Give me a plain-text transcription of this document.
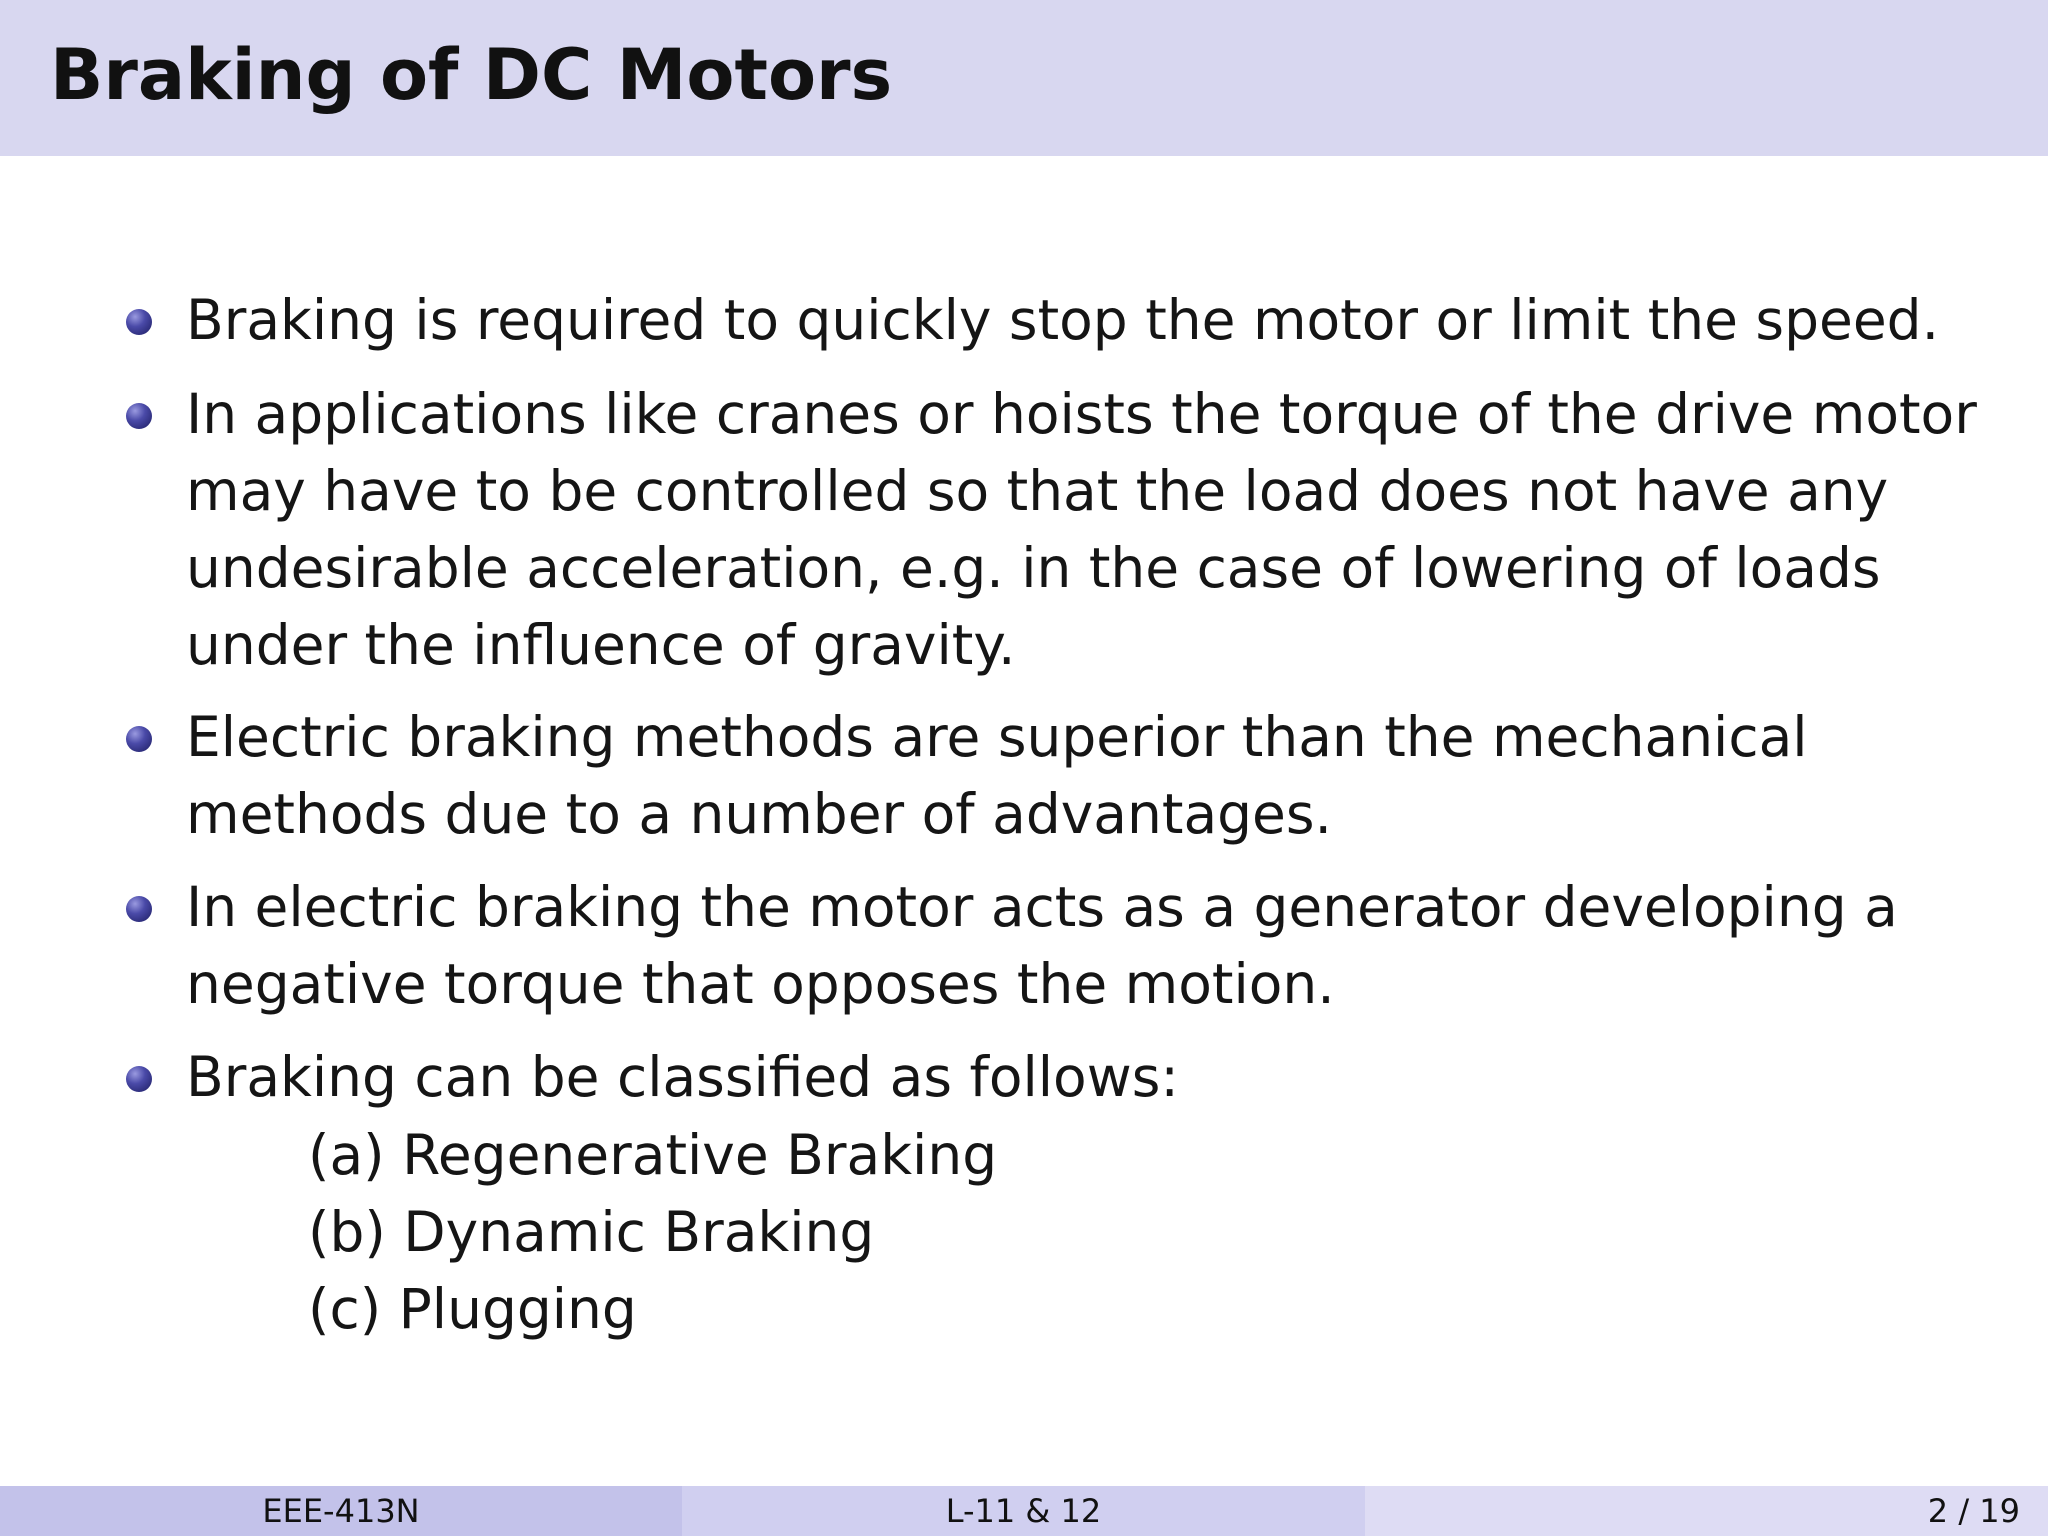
Braking of DC Motors

Braking is required to quickly stop the motor or limit the speed.

In applications like cranes or hoists the torque of the drive motor may have to be controlled so that the load does not have any undesirable acceleration, e.g. in the case of lowering of loads under the influence of gravity.

Electric braking methods are superior than the mechanical methods due to a number of advantages.

In electric braking the motor acts as a generator developing a negative torque that opposes the motion.

Braking can be classified as follows:

(a) Regenerative Braking
(b) Dynamic Braking
(c) Plugging
EEE-413N	L-11 & 12	2 / 19
